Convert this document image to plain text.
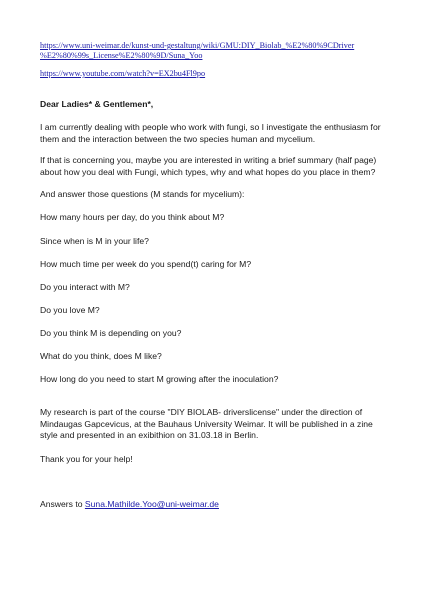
https://www.uni-weimar.de/kunst-und-gestaltung/wiki/GMU:DIY_Biolab_%E2%80%9CDriver
%E2%80%99s_License%E2%80%9D/Suna_Yoo
https://www.youtube.com/watch?v=EX2bu4Fl9po

Dear Ladies* & Gentlemen*,

I am currently dealing with people who work with fungi, so I investigate the enthusiasm for them and the interaction between the two species human and mycelium.

If that is concerning you, maybe you are interested in writing a brief summary (half page) about how you deal with Fungi, which types, why and what hopes do you place in them?

And answer those questions (M stands for mycelium):

How many hours per day, do you think about M?

Since when is M in your life?

How much time per week do you spend(t) caring for M?

Do you interact with M?

Do you love M?

Do you think M is depending on you?

What do you think, does M like?

How long do you need to start M growing after the inoculation?

My research is part of the course "DIY BIOLAB- driverslicense" under the direction of Mindaugas Gapcevicus, at the Bauhaus University Weimar. It will be published in a zine style and presented in an exibithion on 31.03.18 in Berlin.

Thank you for your help!

Answers to Suna.Mathilde.Yoo@uni-weimar.de
